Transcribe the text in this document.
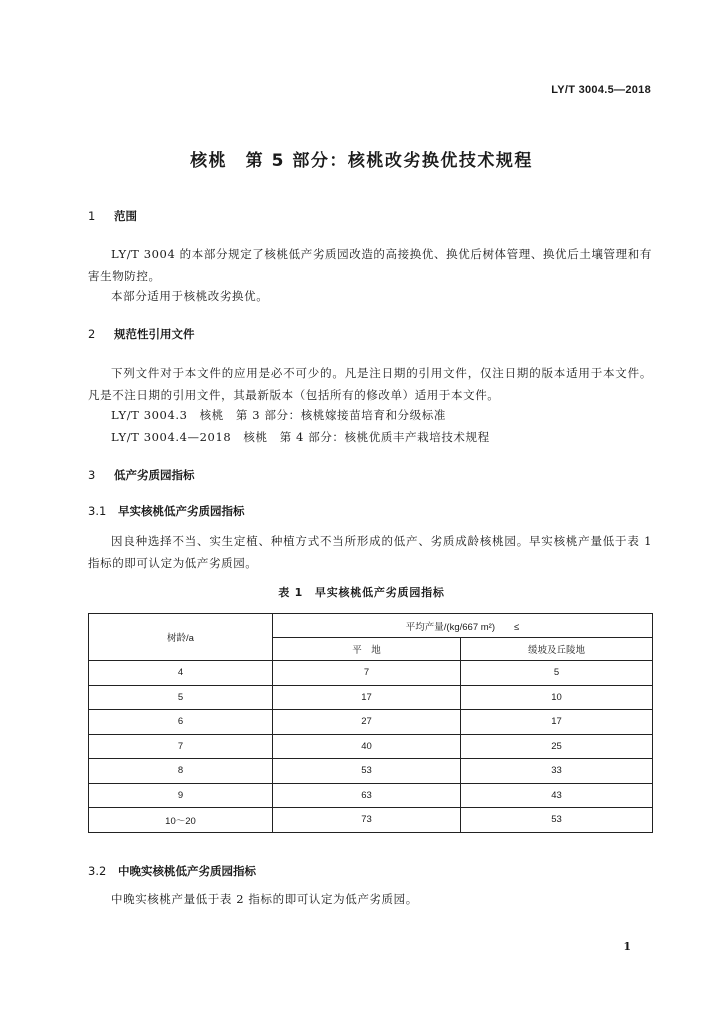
LY/T 3004.5—2018
核桃　第 5 部分：核桃改劣换优技术规程
1 范围
LY/T 3004 的本部分规定了核桃低产劣质园改造的高接换优、换优后树体管理、换优后土壤管理和有害生物防控。
本部分适用于核桃改劣换优。
2 规范性引用文件
下列文件对于本文件的应用是必不可少的。凡是注日期的引用文件，仅注日期的版本适用于本文件。凡是不注日期的引用文件，其最新版本（包括所有的修改单）适用于本文件。
LY/T 3004.3　核桃　第 3 部分：核桃嫁接苗培育和分级标准
LY/T 3004.4—2018　核桃　第 4 部分：核桃优质丰产栽培技术规程
3 低产劣质园指标
3.1 早实核桃低产劣质园指标
因良种选择不当、实生定植、种植方式不当所形成的低产、劣质成龄核桃园。早实核桃产量低于表 1 指标的即可认定为低产劣质园。
表 1　早实核桃低产劣质园指标
树龄/a	平均产量/(kg/667 m²)　　≤	
	平　地	缓坡及丘陵地
4	7	5
5	17	10
6	27	17
7	40	25
8	53	33
9	63	43
10～20	73	53
3.2 中晚实核桃低产劣质园指标
中晚实核桃产量低于表 2 指标的即可认定为低产劣质园。
1
